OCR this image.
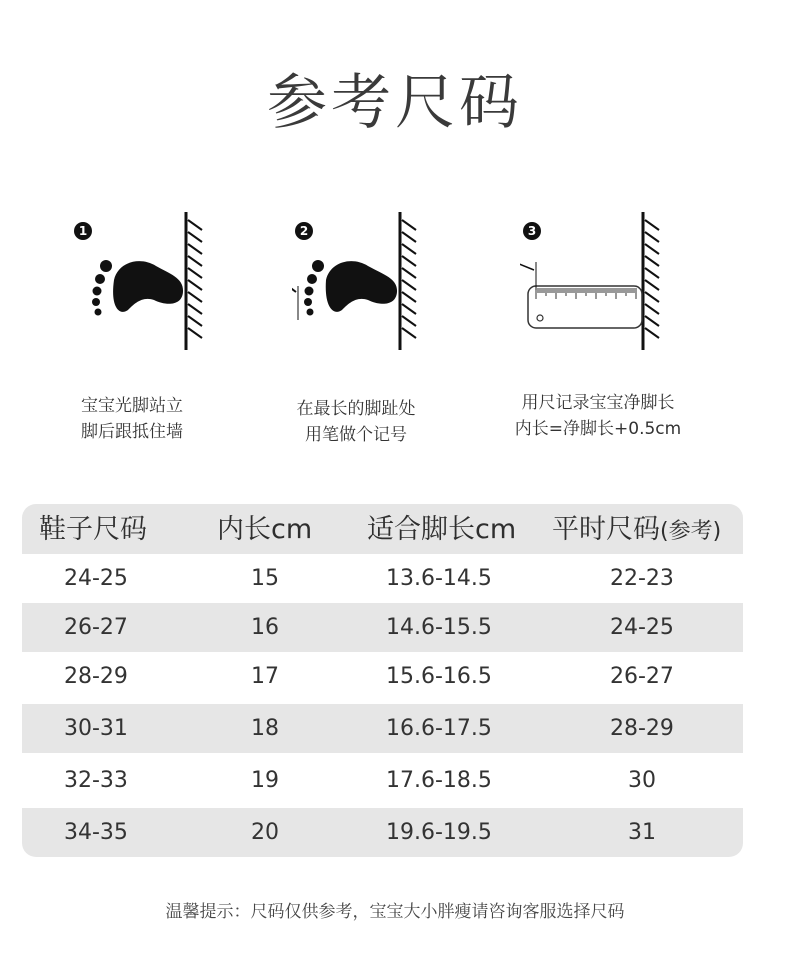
参考尺码
1	2	3
宝宝光脚站立
脚后跟抵住墙
在最长的脚趾处
用笔做个记号
用尺记录宝宝净脚长
内长=净脚长+0.5cm
鞋子尺码	内长cm 适合脚长cm 平时尺码(参考)
24-25	15	13.6-14.5	22-23
26-27	16	14.6-15.5	24-25
28-29	17	15.6-16.5	26-27
30-31	18	16.6-17.5	28-29
32-33	19	17.6-18.5	30
34-35	20	19.6-19.5	31
温馨提示：尺码仅供参考，宝宝大小胖瘦请咨询客服选择尺码
